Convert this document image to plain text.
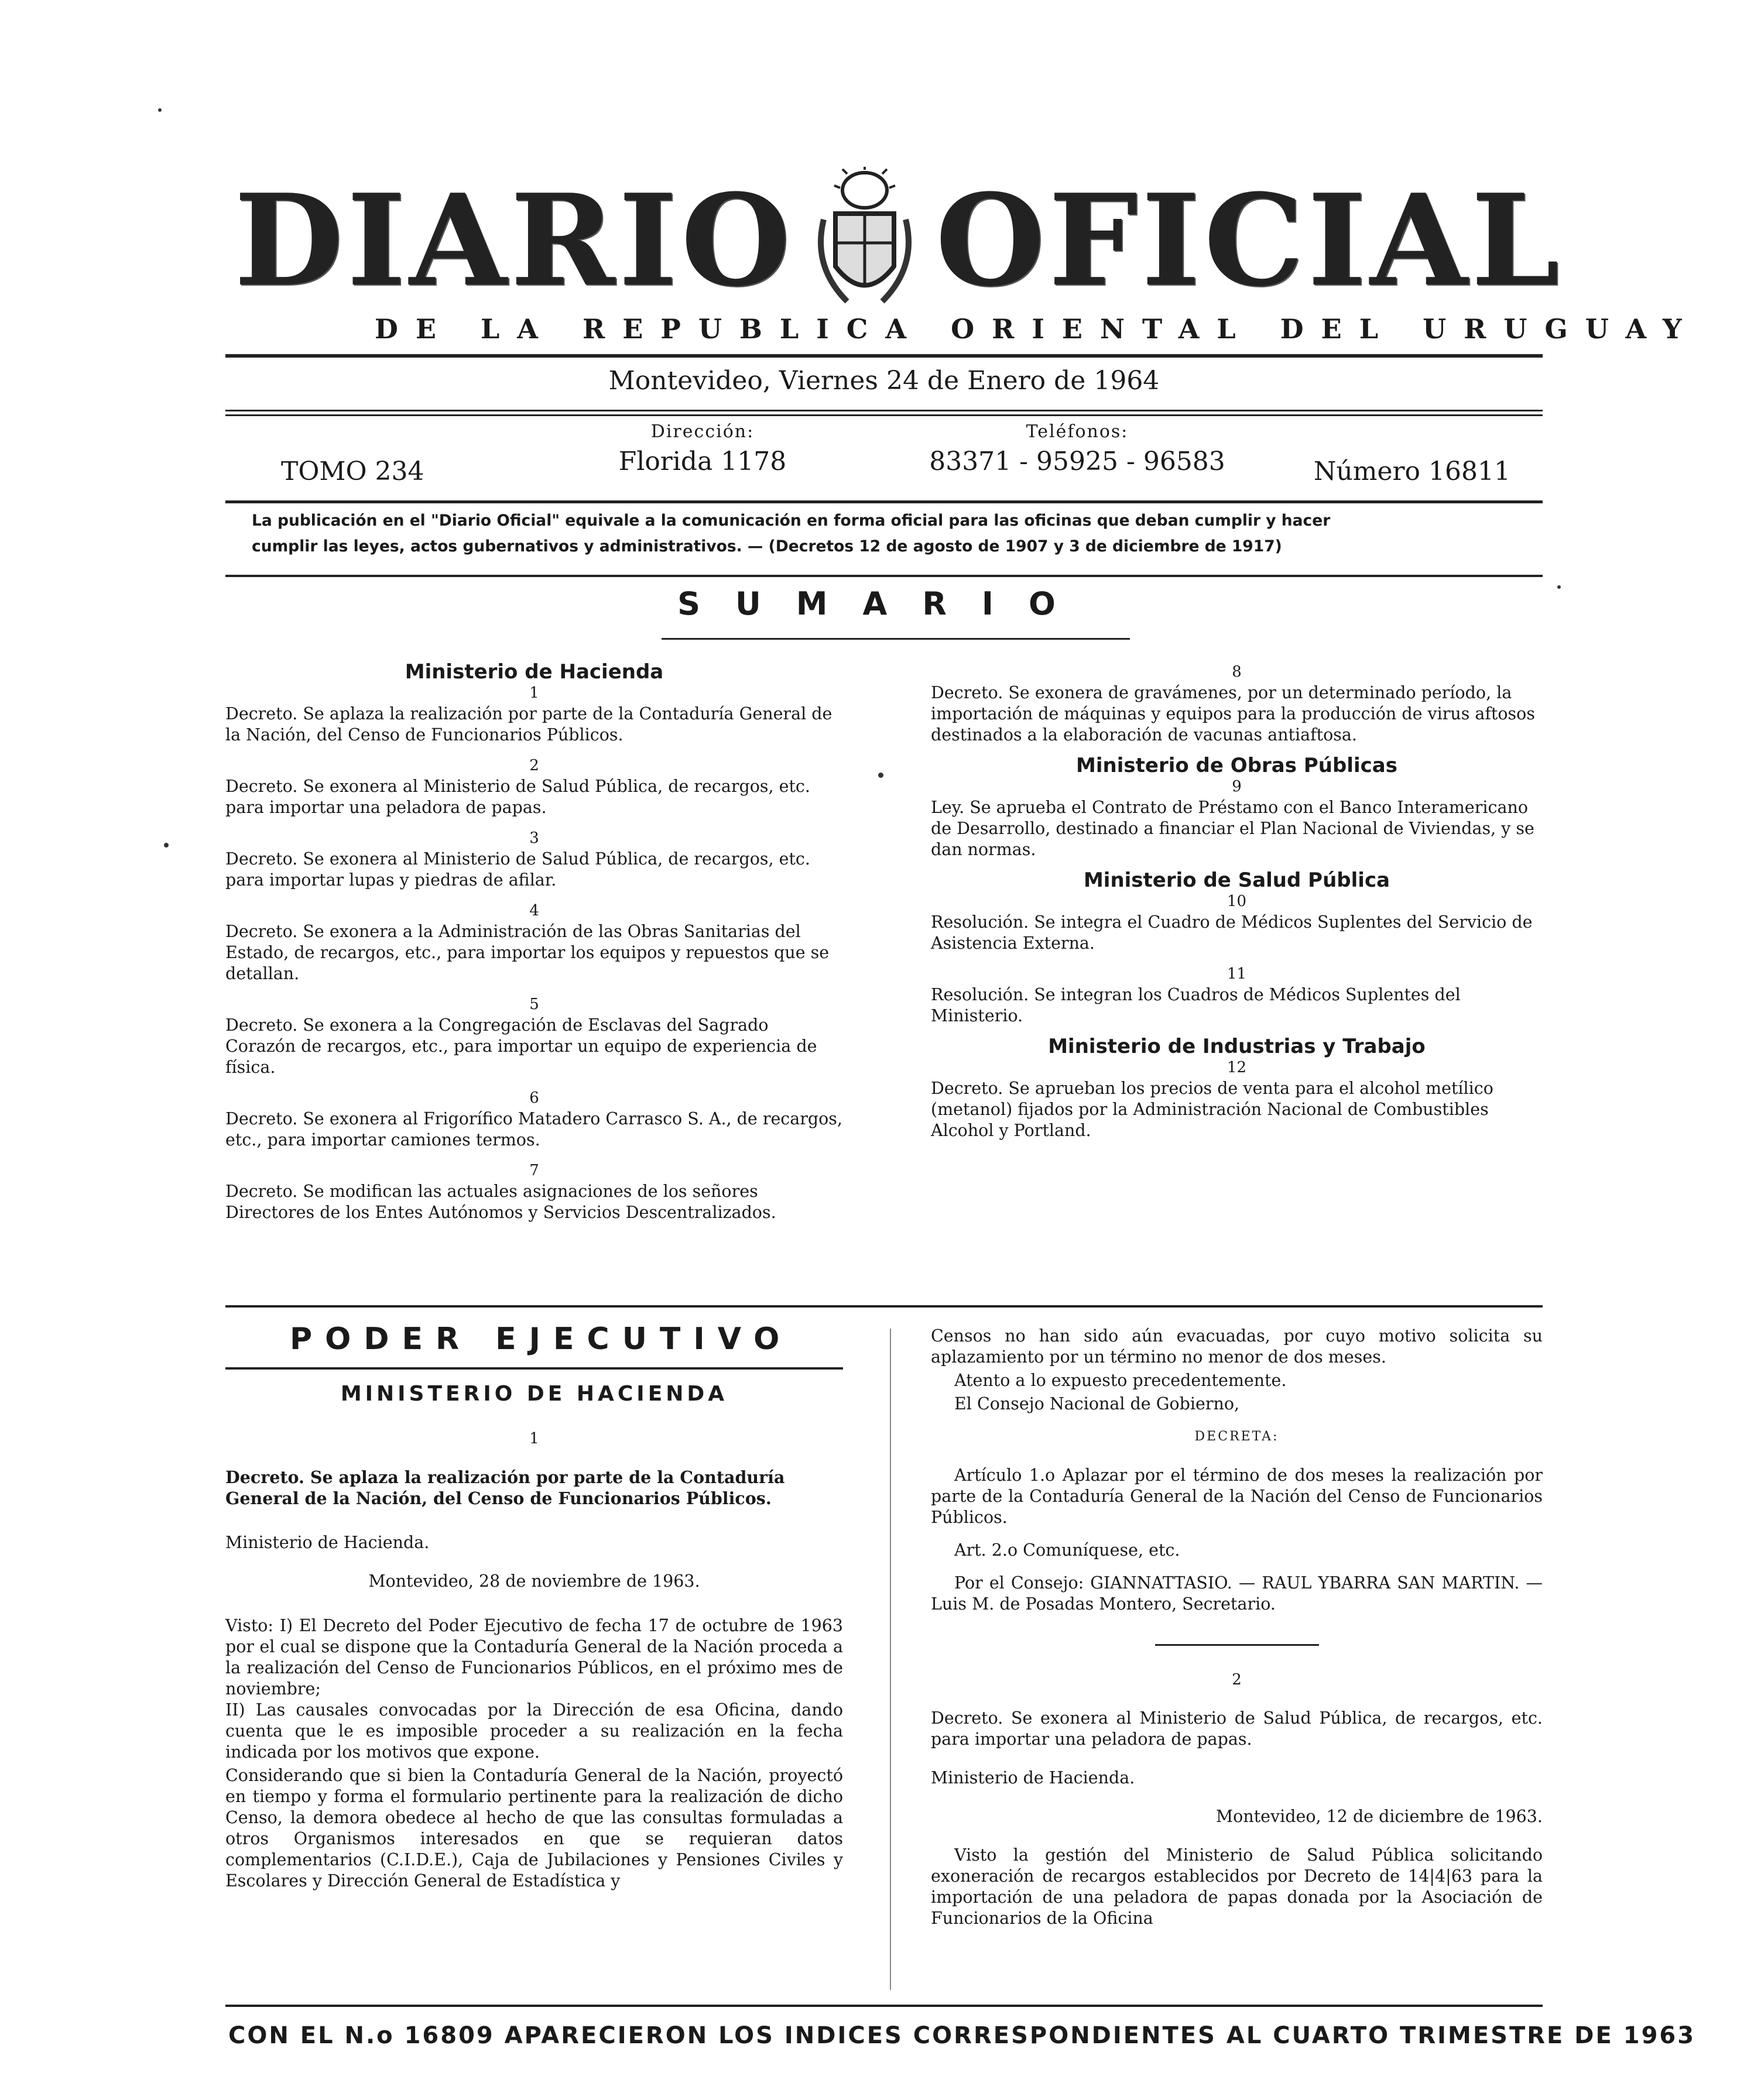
DIARIO OFICIAL
DE LA REPUBLICA ORIENTAL DEL URUGUAY
Montevideo, Viernes 24 de Enero de 1964
TOMO 234
Dirección:
Florida 1178
Teléfonos:
83371 - 95925 - 96583	Número 16811
La publicación en el "Diario Oficial" equivale a la comunicación en forma oficial para las oficinas que deban cumplir y hacer
cumplir las leyes, actos gubernativos y administrativos. — (Decretos 12 de agosto de 1907 y 3 de diciembre de 1917)
SUMARIO

Ministerio de Hacienda

1

Decreto. Se aplaza la realización por parte de la Contaduría General de la Nación, del Censo de Funcionarios Públicos.

2

Decreto. Se exonera al Ministerio de Salud Pública, de recargos, etc. para importar una peladora de papas.

3

Decreto. Se exonera al Ministerio de Salud Pública, de recargos, etc. para importar lupas y piedras de afilar.

4

Decreto. Se exonera a la Administración de las Obras Sanitarias del Estado, de recargos, etc., para importar los equipos y repuestos que se detallan.

5

Decreto. Se exonera a la Congregación de Esclavas del Sagrado Corazón de recargos, etc., para importar un equipo de experiencia de física.

6

Decreto. Se exonera al Frigorífico Matadero Carrasco S. A., de recargos, etc., para importar camiones termos.

7

Decreto. Se modifican las actuales asignaciones de los señores Directores de los Entes Autónomos y Servicios Descentralizados.

8

Decreto. Se exonera de gravámenes, por un determinado período, la importación de máquinas y equipos para la producción de virus aftosos destinados a la elaboración de vacunas antiaftosa.

Ministerio de Obras Públicas

9

Ley. Se aprueba el Contrato de Préstamo con el Banco Interamericano de Desarrollo, destinado a financiar el Plan Nacional de Viviendas, y se dan normas.

Ministerio de Salud Pública

10

Resolución. Se integra el Cuadro de Médicos Suplentes del Servicio de Asistencia Externa.

11

Resolución. Se integran los Cuadros de Médicos Suplentes del Ministerio.

Ministerio de Industrias y Trabajo

12

Decreto. Se aprueban los precios de venta para el alcohol metílico (metanol) fijados por la Administración Nacional de Combustibles Alcohol y Portland.

PODER EJECUTIVO

MINISTERIO DE HACIENDA

1

Decreto. Se aplaza la realización por parte de la Contaduría General de la Nación, del Censo de Funcionarios Públicos.

Ministerio de Hacienda.

Montevideo, 28 de noviembre de 1963.

Visto: I) El Decreto del Poder Ejecutivo de fecha 17 de octubre de 1963 por el cual se dispone que la Contaduría General de la Nación proceda a la realización del Censo de Funcionarios Públicos, en el próximo mes de noviembre;
II) Las causales convocadas por la Dirección de esa Oficina, dando cuenta que le es imposible proceder a su realización en la fecha indicada por los motivos que expone.

Considerando que si bien la Contaduría General de la Nación, proyectó en tiempo y forma el formulario pertinente para la realización de dicho Censo, la demora obedece al hecho de que las consultas formuladas a otros Organismos interesados en que se requieran datos complementarios (C.I.D.E.), Caja de Jubilaciones y Pensiones Civiles y Escolares y Dirección General de Estadística y

Censos no han sido aún evacuadas, por cuyo motivo solicita su aplazamiento por un término no menor de dos meses.

Atento a lo expuesto precedentemente.

El Consejo Nacional de Gobierno,

DECRETA:

Artículo 1.o Aplazar por el término de dos meses la realización por parte de la Contaduría General de la Nación del Censo de Funcionarios Públicos.

Art. 2.o Comuníquese, etc.

Por el Consejo: GIANNATTASIO. — RAUL YBARRA SAN MARTIN. — Luis M. de Posadas Montero, Secretario.

2

Decreto. Se exonera al Ministerio de Salud Pública, de recargos, etc. para importar una peladora de papas.

Ministerio de Hacienda.

Montevideo, 12 de diciembre de 1963.

Visto la gestión del Ministerio de Salud Pública solicitando exoneración de recargos establecidos por Decreto de 14|4|63 para la importación de una peladora de papas donada por la Asociación de Funcionarios de la Oficina

CON EL N.o 16809 APARECIERON LOS INDICES CORRESPONDIENTES AL CUARTO TRIMESTRE DE 1963
